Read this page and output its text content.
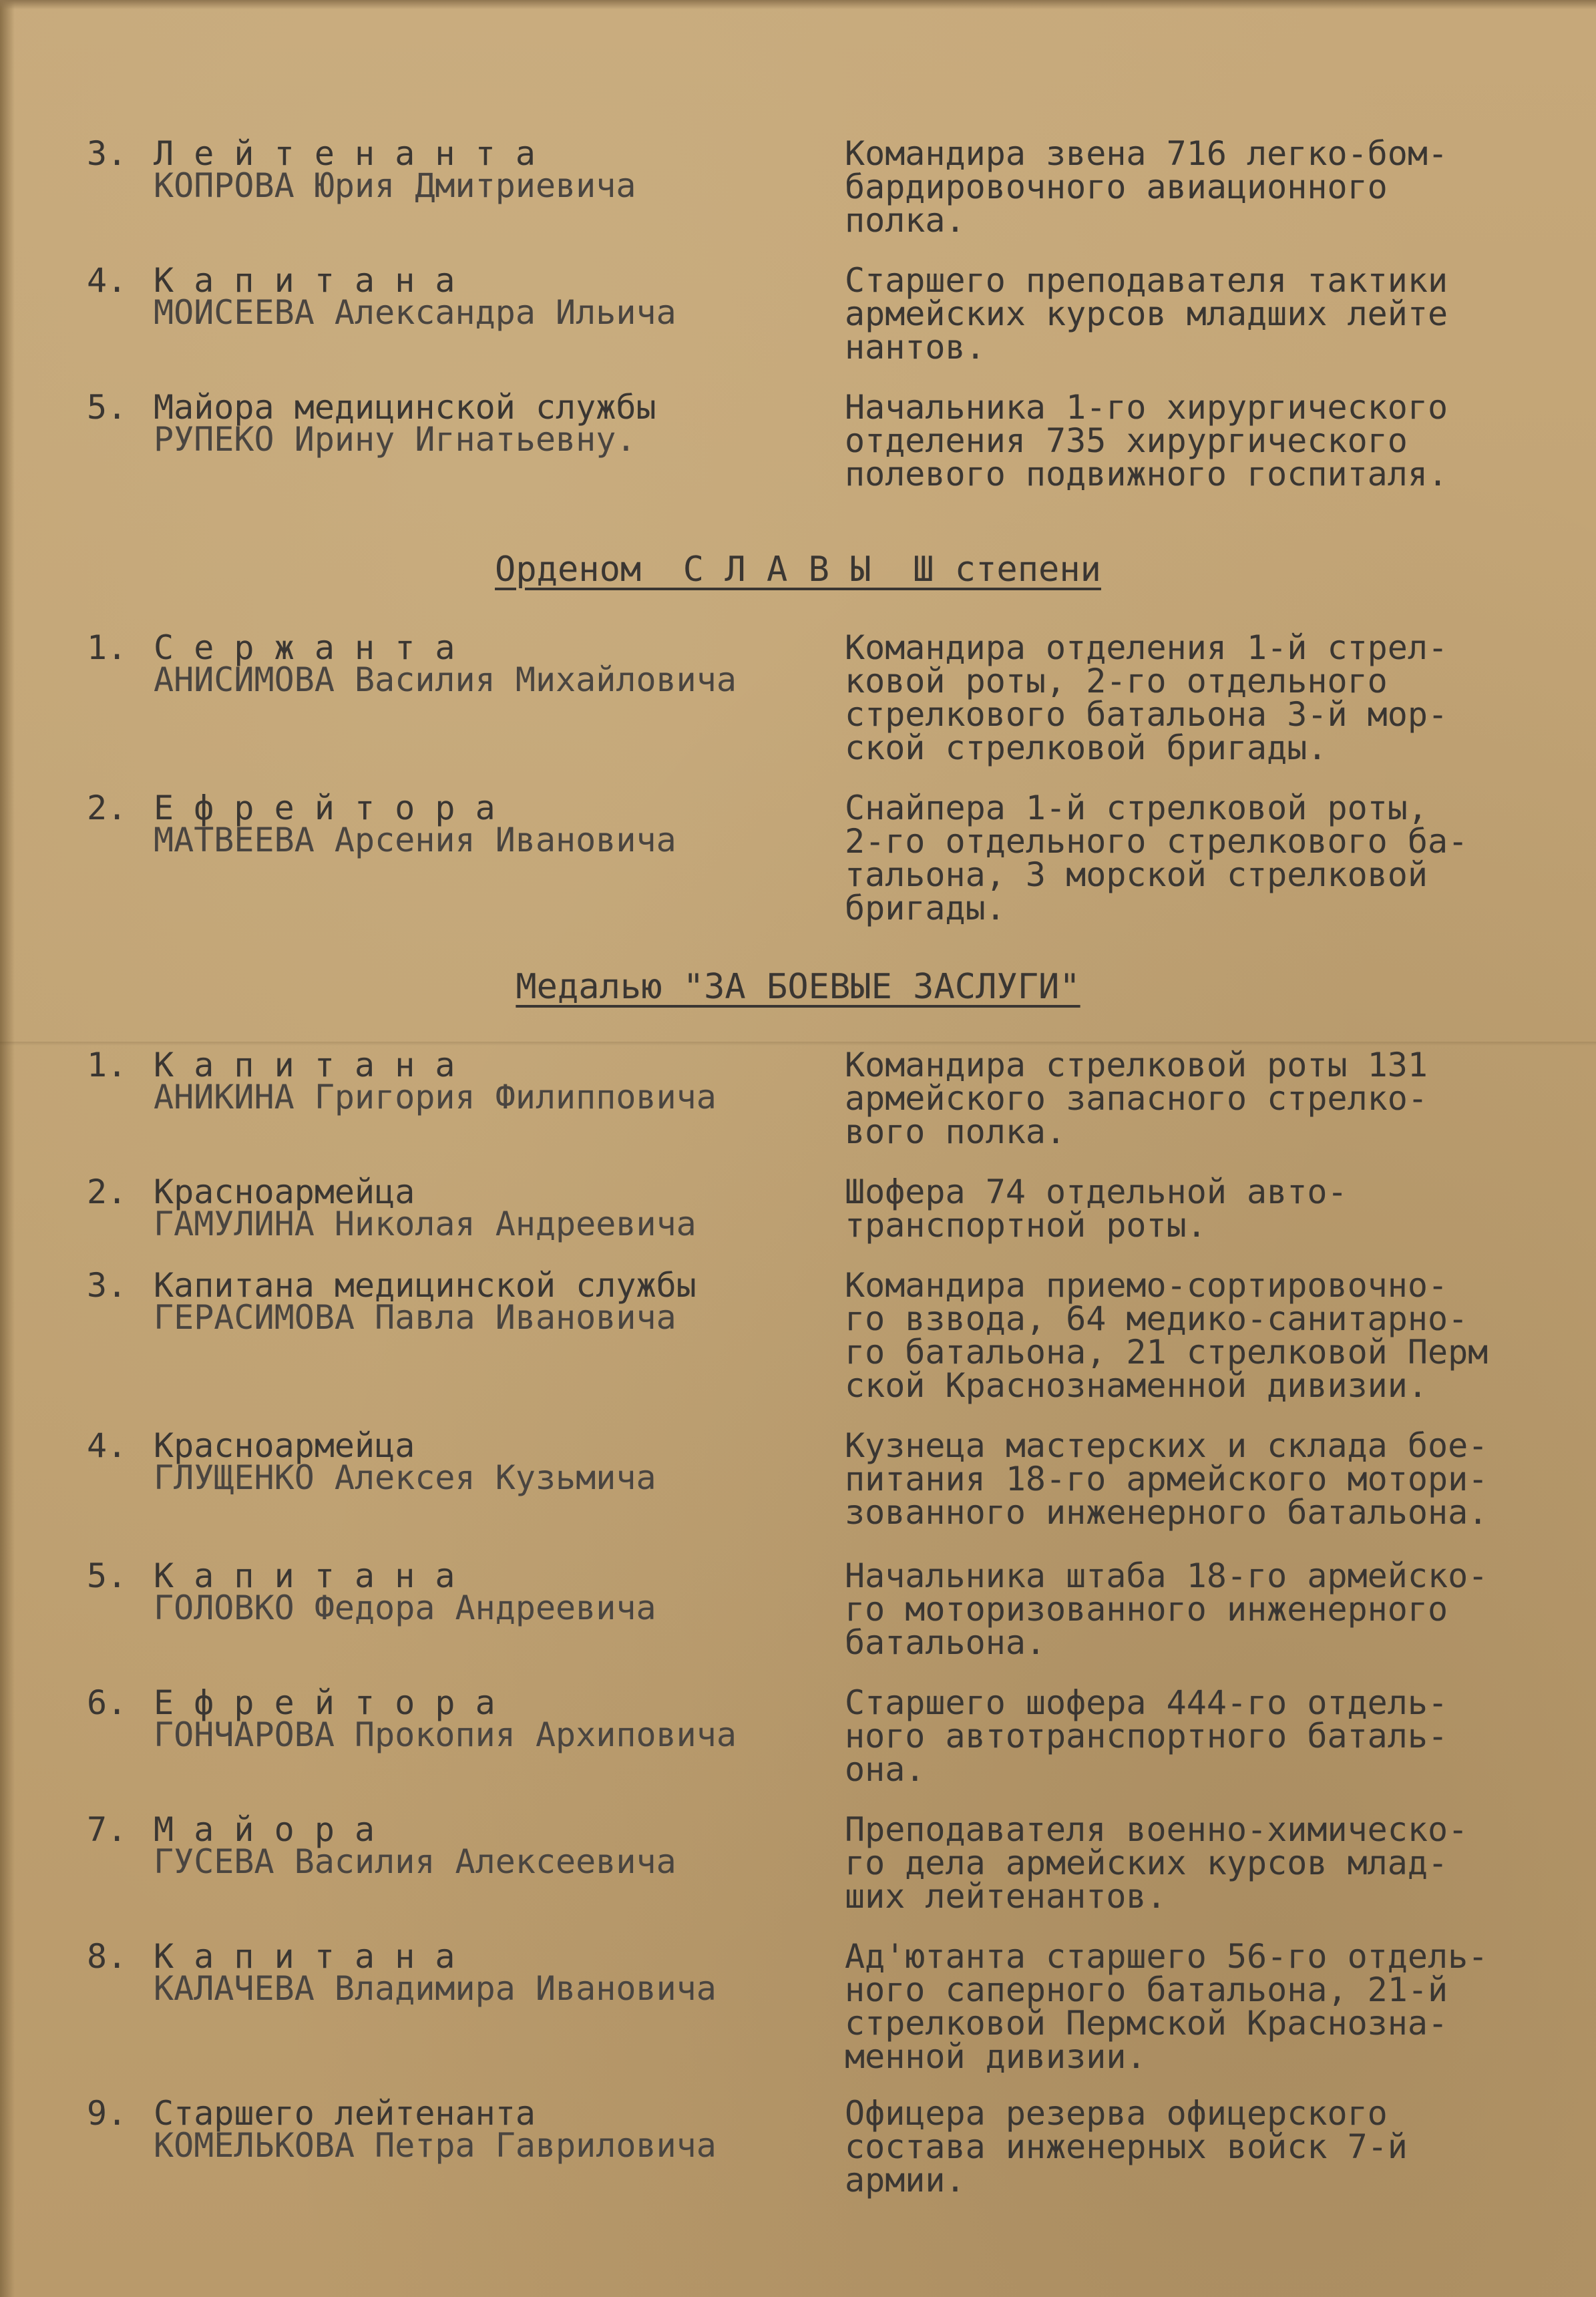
3. Л е й т е н а н т а
КОПРОВА Юрия Дмитриевича
Командира звена 716 легко-бом-
бардировочного авиационного
полка.
4. К а п и т а н а
МОИСЕЕВА Александра Ильича
Старшего преподавателя тактики
армейских курсов младших лейте
нантов.
5. Майора медицинской службы
РУПЕКО Ирину Игнатьевну.
Начальника 1-го хирургического
отделения 735 хирургического
полевого подвижного госпиталя.
Орденом  С Л А В Ы  Ш степени
1. С е р ж а н т а
АНИСИМОВА Василия Михайловича
Командира отделения 1-й стрел-
ковой роты, 2-го отдельного
стрелкового батальона 3-й мор-
ской стрелковой бригады.
2. Е ф р е й т о р а
МАТВЕЕВА Арсения Ивановича
Снайпера 1-й стрелковой роты,
2-го отдельного стрелкового ба-
тальона, 3 морской стрелковой
бригады.
Медалью "ЗА БОЕВЫЕ ЗАСЛУГИ"
1. К а п и т а н а
АНИКИНА Григория Филипповича
Командира стрелковой роты 131
армейского запасного стрелко-
вого полка.
2. Красноармейца
ГАМУЛИНА Николая Андреевича
Шофера 74 отдельной авто-
транспортной роты.
3. Капитана медицинской службы
ГЕРАСИМОВА Павла Ивановича
Командира приемо-сортировочно-
го взвода, 64 медико-санитарно-
го батальона, 21 стрелковой Перм
ской Краснознаменной дивизии.
4. Красноармейца
ГЛУЩЕНКО Алексея Кузьмича
Кузнеца мастерских и склада бое-
питания 18-го армейского мотори-
зованного инженерного батальона.
5. К а п и т а н а
ГОЛОВКО Федора Андреевича
Начальника штаба 18-го армейско-
го моторизованного инженерного
батальона.
6. Е ф р е й т о р а
ГОНЧАРОВА Прокопия Архиповича
Старшего шофера 444-го отдель-
ного автотранспортного баталь-
она.
7. М а й о р а
ГУСЕВА Василия Алексеевича
Преподавателя военно-химическо-
го дела армейских курсов млад-
ших лейтенантов.
8. К а п и т а н а
КАЛАЧЕВА Владимира Ивановича
Ад'ютанта старшего 56-го отдель-
ного саперного батальона, 21-й
стрелковой Пермской Краснозна-
менной дивизии.
9. Старшего лейтенанта
КОМЕЛЬКОВА Петра Гавриловича
Офицера резерва офицерского
состава инженерных войск 7-й
армии.
